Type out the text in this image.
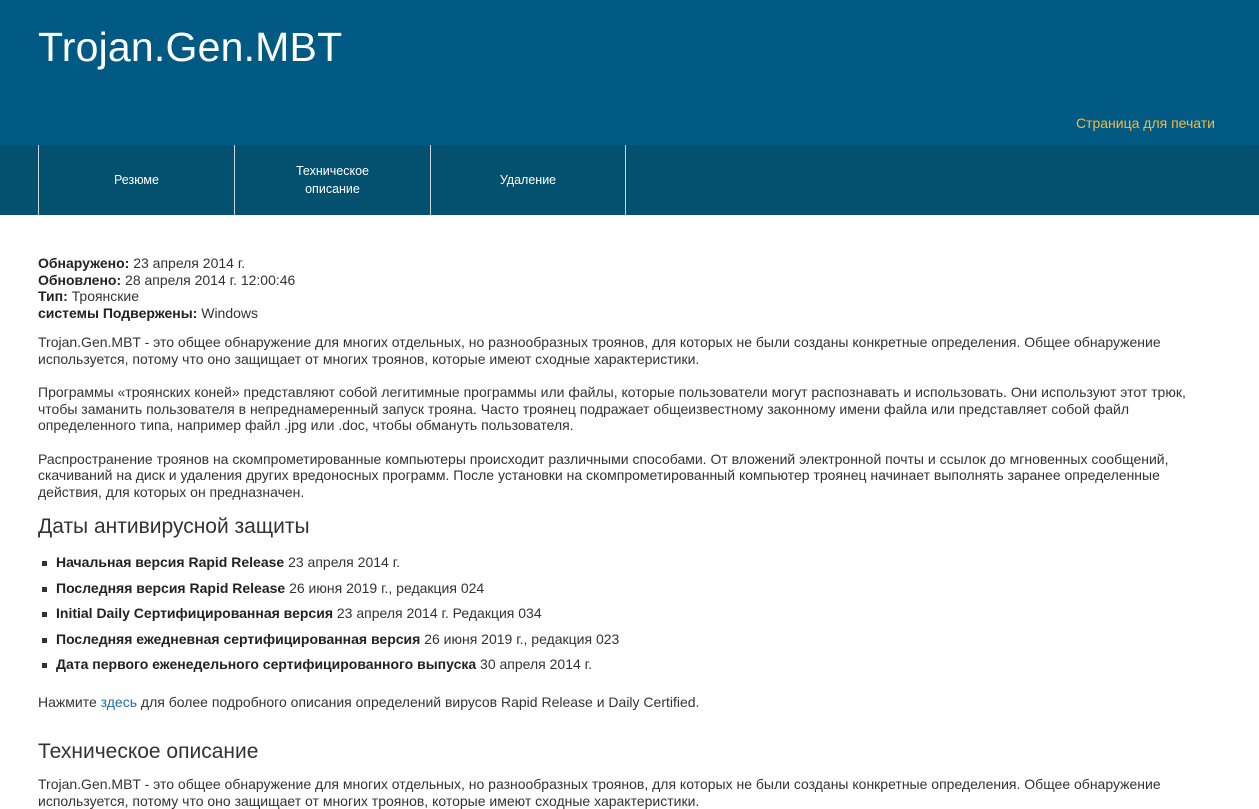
Trojan.Gen.MBT
Страница для печати
Резюме
Техническое
описание
Удаление

Обнаружено: 23 апреля 2014 г.

Обновлено: 28 апреля 2014 г. 12:00:46

Тип: Троянские

системы Подвержены: Windows

Trojan.Gen.MBT - это общее обнаружение для многих отдельных, но разнообразных троянов, для которых не были созданы конкретные определения. Общее обнаружение используется, потому что оно защищает от многих троянов, которые имеют сходные характеристики.

Программы «троянских коней» представляют собой легитимные программы или файлы, которые пользователи могут распознавать и использовать. Они используют этот трюк, чтобы заманить пользователя в непреднамеренный запуск трояна. Часто троянец подражает общеизвестному законному имени файла или представляет собой файл определенного типа, например файл .jpg или .doc, чтобы обмануть пользователя.

Распространение троянов на скомпрометированные компьютеры происходит различными способами. От вложений электронной почты и ссылок до мгновенных сообщений, скачиваний на диск и удаления других вредоносных программ. После установки на скомпрометированный компьютер троянец начинает выполнять заранее определенные действия, для которых он предназначен.

Даты антивирусной защиты
Начальная версия Rapid Release 23 апреля 2014 г.
Последняя версия Rapid Release 26 июня 2019 г., редакция 024
Initial Daily Сертифицированная версия 23 апреля 2014 г. Редакция 034
Последняя ежедневная сертифицированная версия 26 июня 2019 г., редакция 023
Дата первого еженедельного сертифицированного выпуска 30 апреля 2014 г.

Нажмите здесь для более подробного описания определений вирусов Rapid Release и Daily Certified.

Техническое описание

Trojan.Gen.MBT - это общее обнаружение для многих отдельных, но разнообразных троянов, для которых не были созданы конкретные определения. Общее обнаружение используется, потому что оно защищает от многих троянов, которые имеют сходные характеристики.
